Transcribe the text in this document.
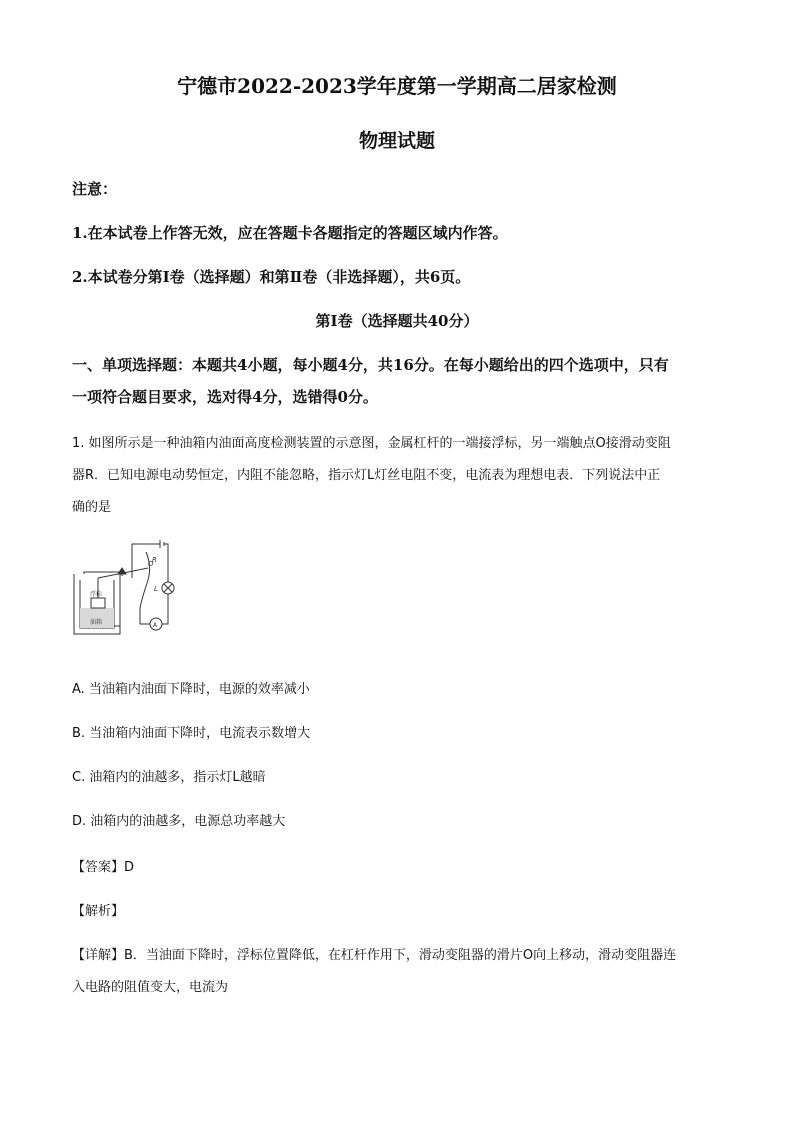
宁德市2022-2023学年度第一学期高二居家检测
物理试题
注意：
1.在本试卷上作答无效，应在答题卡各题指定的答题区域内作答。
2.本试卷分第Ⅰ卷（选择题）和第Ⅱ卷（非选择题），共6页。
第Ⅰ卷（选择题共40分）
一、单项选择题：本题共4小题，每小题4分，共16分。在每小题给出的四个选项中，只有
一项符合题目要求，选对得4分，选错得0分。
1. 如图所示是一种油箱内油面高度检测装置的示意图，金属杠杆的一端接浮标，另一端触点O接滑动变阻
器R．已知电源电动势恒定，内阻不能忽略，指示灯L灯丝电阻不变，电流表为理想电表．下列说法中正
确的是
浮标
油箱
O
R
L
A
A. 当油箱内油面下降时，电源的效率减小
B. 当油箱内油面下降时，电流表示数增大
C. 油箱内的油越多，指示灯L越暗
D. 油箱内的油越多，电源总功率越大
【答案】D
【解析】
【详解】B．当油面下降时，浮标位置降低，在杠杆作用下，滑动变阻器的滑片O向上移动，滑动变阻器连
入电路的阻值变大，电流为
